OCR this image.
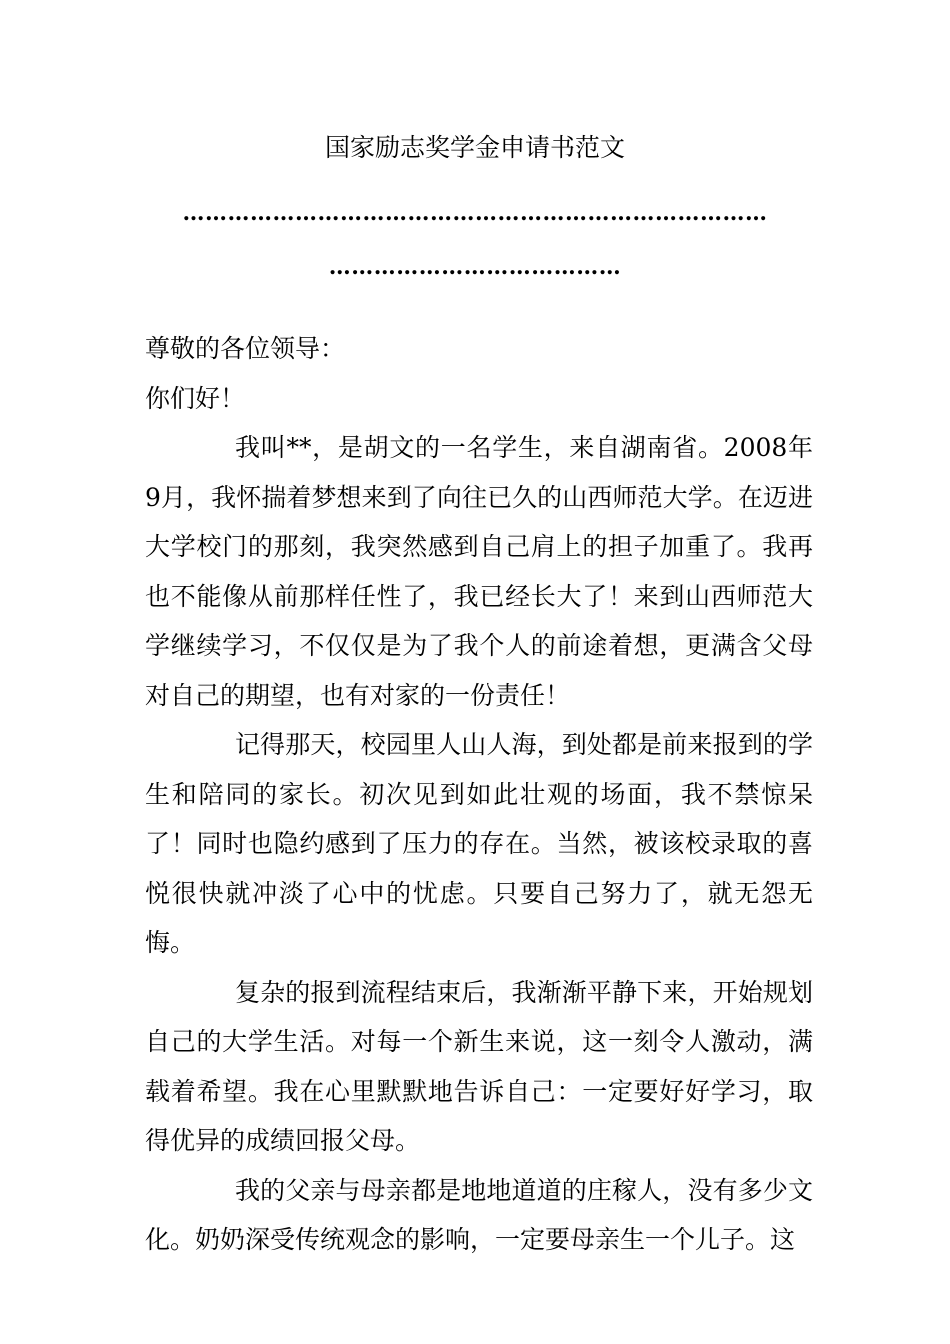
国家励志奖学金申请书范文
……………………………………………………………………
…………………………………

尊敬的各位领导：

你们好！

我叫**，是胡文的一名学生，来自湖南省。2008年9月，我怀揣着梦想来到了向往已久的山西师范大学。在迈进大学校门的那刻，我突然感到自己肩上的担子加重了。我再也不能像从前那样任性了，我已经长大了！来到山西师范大学继续学习，不仅仅是为了我个人的前途着想，更满含父母对自己的期望，也有对家的一份责任！

记得那天，校园里人山人海，到处都是前来报到的学生和陪同的家长。初次见到如此壮观的场面，我不禁惊呆了！同时也隐约感到了压力的存在。当然，被该校录取的喜悦很快就冲淡了心中的忧虑。只要自己努力了，就无怨无悔。

复杂的报到流程结束后，我渐渐平静下来，开始规划自己的大学生活。对每一个新生来说，这一刻令人激动，满载着希望。我在心里默默地告诉自己：一定要好好学习，取得优异的成绩回报父母。

我的父亲与母亲都是地地道道的庄稼人，没有多少文化。奶奶深受传统观念的影响，一定要母亲生一个儿子。这
